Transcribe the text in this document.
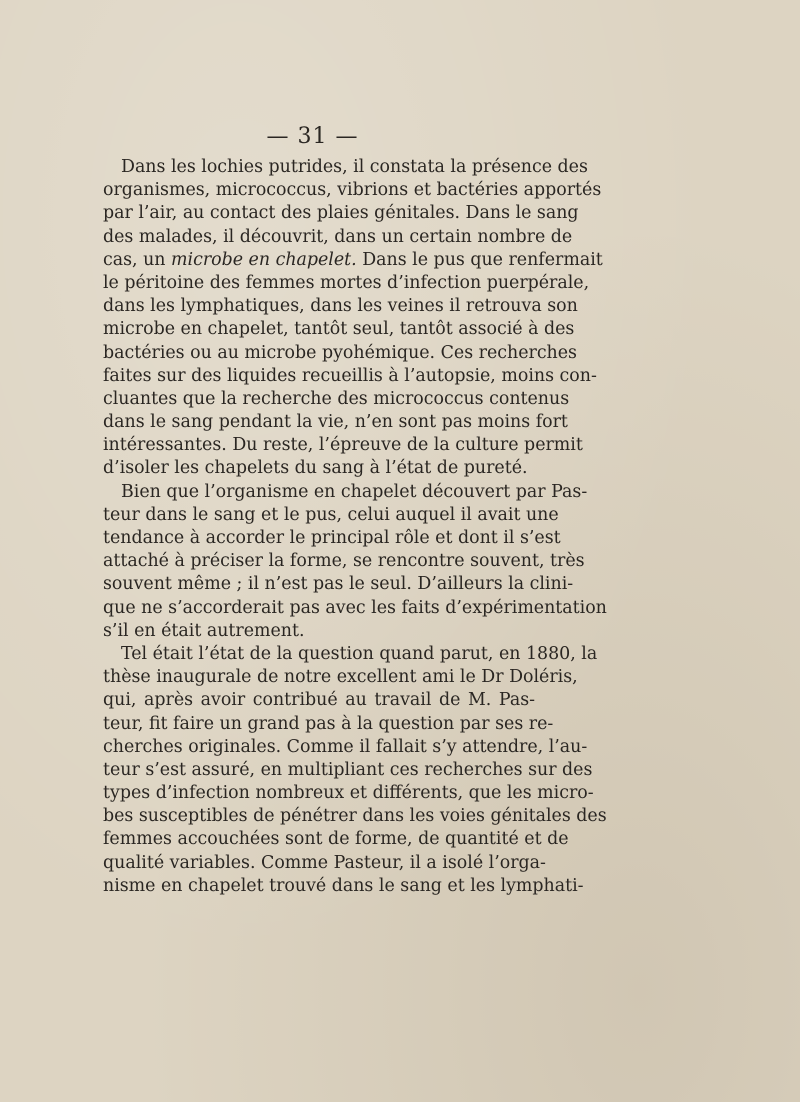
— 31 —
Dans les lochies putrides, il constata la présence des
organismes, micrococcus, vibrions et bactéries apportés
par l’air, au contact des plaies génitales. Dans le sang
des malades, il découvrit, dans un certain nombre de
cas, un microbe en chapelet. Dans le pus que renfermait
le péritoine des femmes mortes d’infection puerpérale,
dans les lymphatiques, dans les veines il retrouva son
microbe en chapelet, tantôt seul, tantôt associé à des
bactéries ou au microbe pyohémique. Ces recherches
faites sur des liquides recueillis à l’autopsie, moins con-
cluantes que la recherche des micrococcus contenus
dans le sang pendant la vie, n’en sont pas moins fort
intéressantes. Du reste, l’épreuve de la culture permit
d’isoler les chapelets du sang à l’état de pureté.
Bien que l’organisme en chapelet découvert par Pas-
teur dans le sang et le pus, celui auquel il avait une
tendance à accorder le principal rôle et dont il s’est
attaché à préciser la forme, se rencontre souvent, très
souvent même ; il n’est pas le seul. D’ailleurs la clini-
que ne s’accorderait pas avec les faits d’expérimentation
s’il en était autrement.
Tel était l’état de la question quand parut, en 1880, la
thèse inaugurale de notre excellent ami le Dr Doléris,
qui, après avoir contribué au travail de M. Pas-
teur, fit faire un grand pas à la question par ses re-
cherches originales. Comme il fallait s’y attendre, l’au-
teur s’est assuré, en multipliant ces recherches sur des
types d’infection nombreux et différents, que les micro-
bes susceptibles de pénétrer dans les voies génitales des
femmes accouchées sont de forme, de quantité et de
qualité variables. Comme Pasteur, il a isolé l’orga-
nisme en chapelet trouvé dans le sang et les lymphati-
